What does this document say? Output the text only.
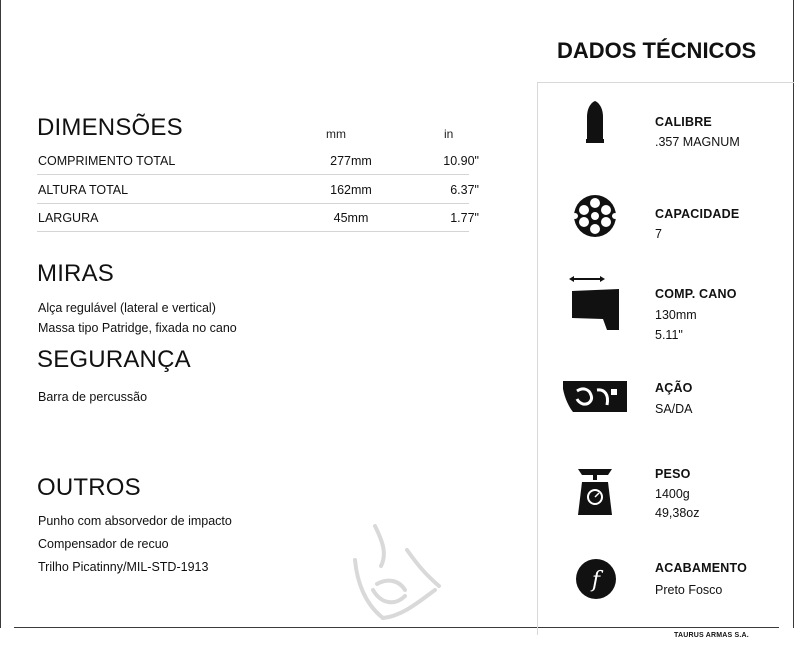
DIMENSÕES	mm	in
COMPRIMENTO TOTAL	277mm	10.90"
ALTURA TOTAL	162mm	6.37"
LARGURA	45mm	1.77"
MIRAS
Alça regulável (lateral e vertical)
Massa tipo Patridge, fixada no cano
SEGURANÇA
Barra de percussão
OUTROS
Punho com absorvedor de impacto
Compensador de recuo
Trilho Picatinny/MIL-STD-1913
DADOS TÉCNICOS
CALIBRE
.357 MAGNUM
CAPACIDADE
7
COMP. CANO
130mm
5.11"
AÇÃO
SA/DA
PESO
1400g
49,38oz
f	ACABAMENTO
Preto Fosco
TAURUS ARMAS S.A.
